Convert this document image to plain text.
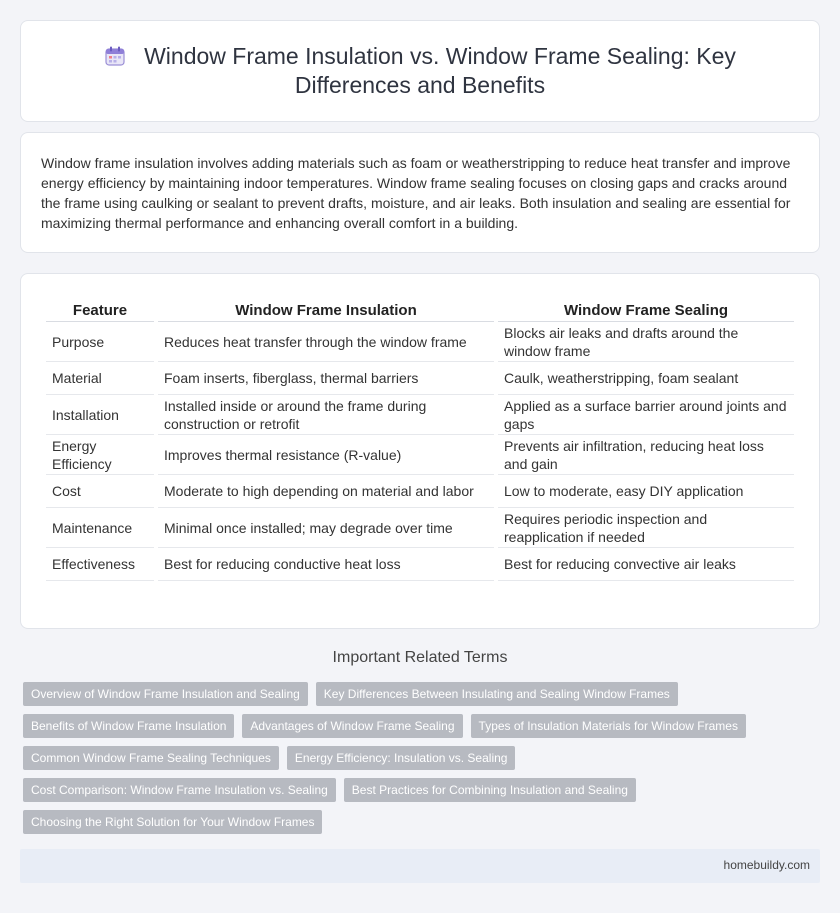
Window Frame Insulation vs. Window Frame Sealing: Key
Differences and Benefits

Window frame insulation involves adding materials such as foam or weatherstripping to reduce heat transfer and improve energy efficiency by maintaining indoor temperatures. Window frame sealing focuses on closing gaps and cracks around the frame using caulking or sealant to prevent drafts, moisture, and air leaks. Both insulation and sealing are essential for maximizing thermal performance and enhancing overall comfort in a building.

Feature	Window Frame Insulation	Window Frame Sealing
Purpose	Reduces heat transfer through the window frame	Blocks air leaks and drafts around the window frame
Material	Foam inserts, fiberglass, thermal barriers	Caulk, weatherstripping, foam sealant
Installation	Installed inside or around the frame during construction or retrofit	Applied as a surface barrier around joints and gaps
Energy Efficiency	Improves thermal resistance (R-value)	Prevents air infiltration, reducing heat loss and gain
Cost	Moderate to high depending on material and labor	Low to moderate, easy DIY application
Maintenance	Minimal once installed; may degrade over time	Requires periodic inspection and reapplication if needed
Effectiveness	Best for reducing conductive heat loss	Best for reducing convective air leaks
Important Related Terms
Overview of Window Frame Insulation and Sealing	Key Differences Between Insulating and Sealing Window Frames
Benefits of Window Frame Insulation	Advantages of Window Frame Sealing	Types of Insulation Materials for Window Frames
Common Window Frame Sealing Techniques	Energy Efficiency: Insulation vs. Sealing
Cost Comparison: Window Frame Insulation vs. Sealing	Best Practices for Combining Insulation and Sealing
Choosing the Right Solution for Your Window Frames
homebuildy.com
